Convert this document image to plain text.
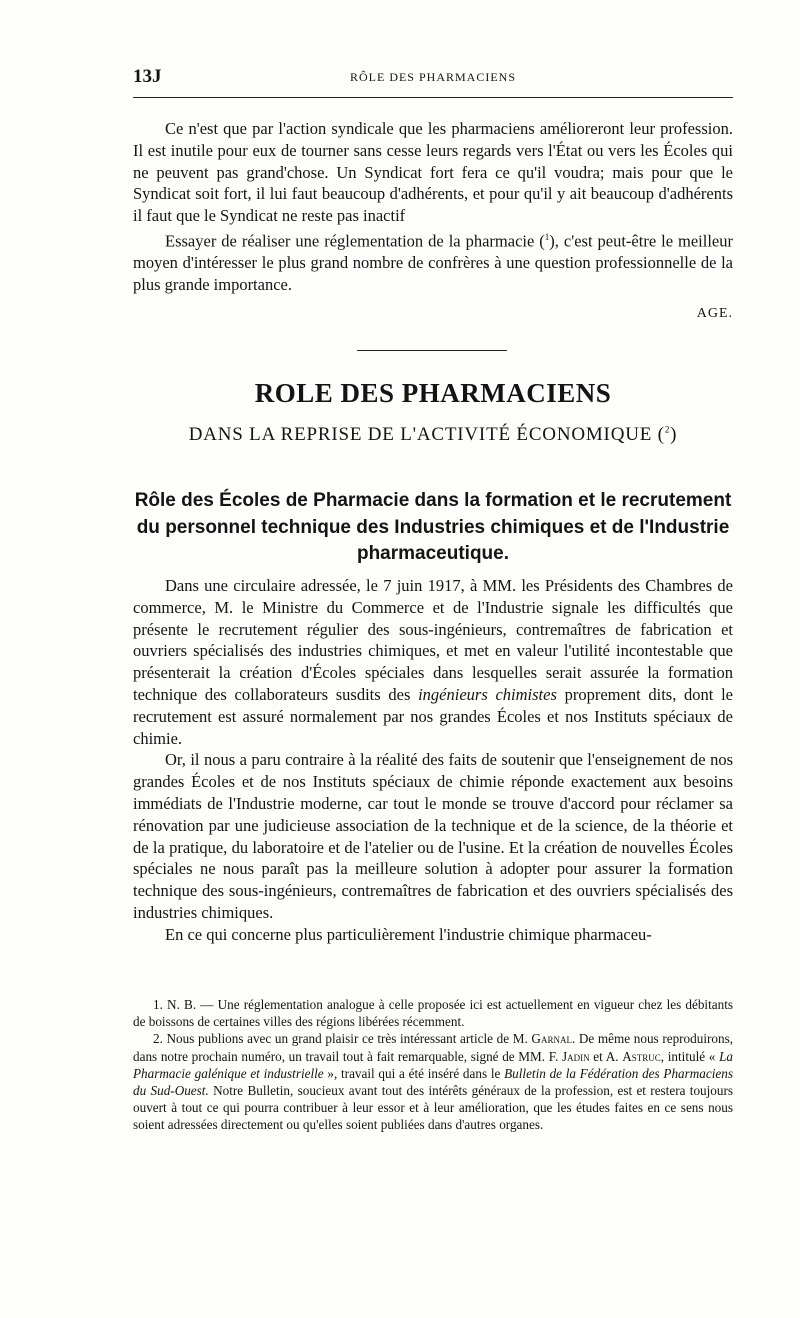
13J	RÔLE DES PHARMACIENS

Ce n'est que par l'action syndicale que les pharmaciens amélioreront leur profession. Il est inutile pour eux de tourner sans cesse leurs regards vers l'État ou vers les Écoles qui ne peuvent pas grand'chose. Un Syndicat fort fera ce qu'il voudra; mais pour que le Syndicat soit fort, il lui faut beaucoup d'adhérents, et pour qu'il y ait beaucoup d'adhérents il faut que le Syndicat ne reste pas inactif

Essayer de réaliser une réglementation de la pharmacie ($^1$), c'est peut-être le meilleur moyen d'intéresser le plus grand nombre de confrères à une question professionnelle de la plus grande importance.

AGE.
ROLE DES PHARMACIENS
DANS LA REPRISE DE L'ACTIVITÉ ÉCONOMIQUE ($^2$)
Rôle des Écoles de Pharmacie dans la formation et le recrutement du personnel technique des Industries chimiques et de l'Industrie pharmaceutique.

Dans une circulaire adressée, le 7 juin 1917, à MM. les Présidents des Chambres de commerce, M. le Ministre du Commerce et de l'Industrie signale les difficultés que présente le recrutement régulier des sous-ingénieurs, contremaîtres de fabrication et ouvriers spécialisés des industries chimiques, et met en valeur l'utilité incontestable que présenterait la création d'Écoles spéciales dans lesquelles serait assurée la formation technique des collaborateurs susdits des ingénieurs chimistes proprement dits, dont le recrutement est assuré normalement par nos grandes Écoles et nos Instituts spéciaux de chimie.

Or, il nous a paru contraire à la réalité des faits de soutenir que l'enseignement de nos grandes Écoles et de nos Instituts spéciaux de chimie réponde exactement aux besoins immédiats de l'Industrie moderne, car tout le monde se trouve d'accord pour réclamer sa rénovation par une judicieuse association de la technique et de la science, de la théorie et de la pratique, du laboratoire et de l'atelier ou de l'usine. Et la création de nouvelles Écoles spéciales ne nous paraît pas la meilleure solution à adopter pour assurer la formation technique des sous-ingénieurs, contremaîtres de fabrication et des ouvriers spécialisés des industries chimiques.

En ce qui concerne plus particulièrement l'industrie chimique pharmaceu-

1. N. B. — Une réglementation analogue à celle proposée ici est actuellement en vigueur chez les débitants de boissons de certaines villes des régions libérées récemment.

2. Nous publions avec un grand plaisir ce très intéressant article de M. Garnal. De même nous reproduirons, dans notre prochain numéro, un travail tout à fait remarquable, signé de MM. F. Jadin et A. Astruc, intitulé « La Pharmacie galénique et industrielle », travail qui a été inséré dans le Bulletin de la Fédération des Pharmaciens du Sud-Ouest. Notre Bulletin, soucieux avant tout des intérêts généraux de la profession, est et restera toujours ouvert à tout ce qui pourra contribuer à leur essor et à leur amélioration, que les études faites en ce sens nous soient adressées directement ou qu'elles soient publiées dans d'autres organes.
